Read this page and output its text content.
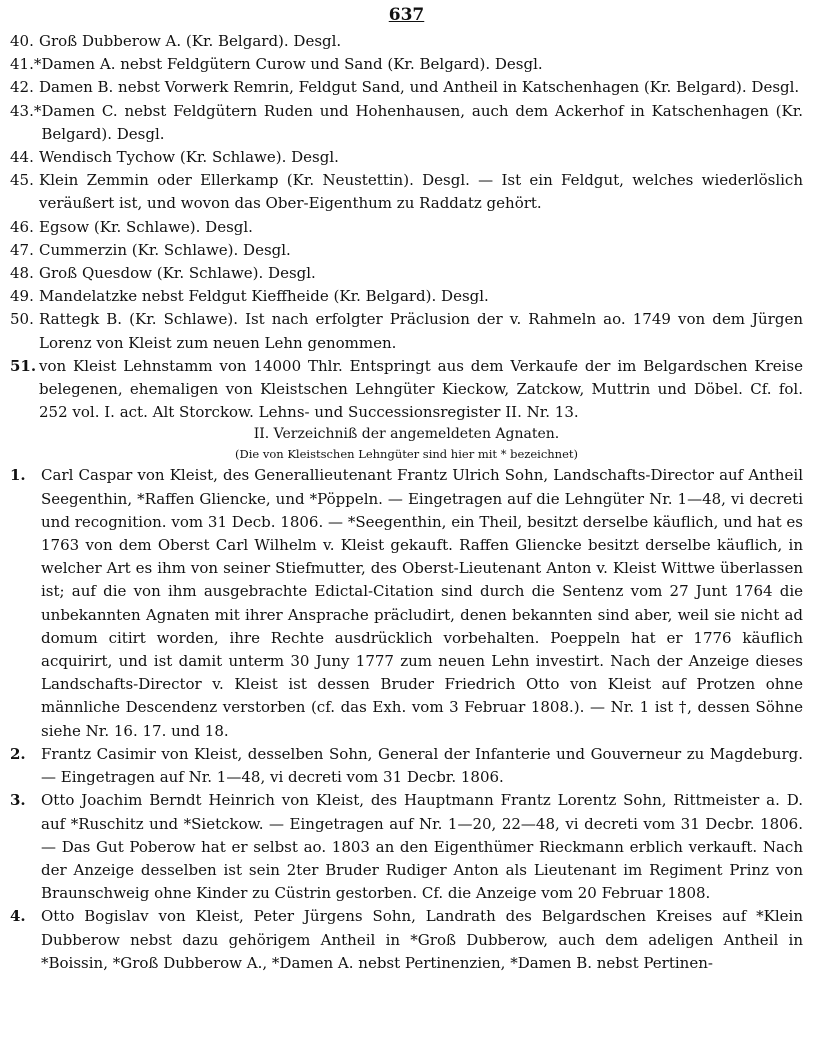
637
40. Groß Dubberow A. (Kr. Belgard). Desgl.
41.* Damen A. nebst Feldgütern Curow und Sand (Kr. Belgard). Desgl.
42. Damen B. nebst Vorwerk Remrin, Feldgut Sand, und Antheil in Katschenhagen (Kr. Belgard). Desgl.
43.* Damen C. nebst Feldgütern Ruden und Hohenhausen, auch dem Ackerhof in Katschenhagen (Kr. Belgard). Desgl.
44. Wendisch Tychow (Kr. Schlawe). Desgl.
45. Klein Zemmin oder Ellerkamp (Kr. Neustettin). Desgl. — Ist ein Feldgut, welches wiederlöslich veräußert ist, und wovon das Ober-Eigenthum zu Raddatz gehört.
46. Egsow (Kr. Schlawe). Desgl.
47. Cummerzin (Kr. Schlawe). Desgl.
48. Groß Quesdow (Kr. Schlawe). Desgl.
49. Mandelatzke nebst Feldgut Kieffheide (Kr. Belgard). Desgl.
50. Rattegk B. (Kr. Schlawe). Ist nach erfolgter Präclusion der v. Rahmeln ao. 1749 von dem Jürgen Lorenz von Kleist zum neuen Lehn genommen.
51. von Kleist Lehnstamm von 14000 Thlr. Entspringt aus dem Verkaufe der im Belgardschen Kreise belegenen, ehemaligen von Kleistschen Lehngüter Kieckow, Zatckow, Muttrin und Döbel. Cf. fol. 252 vol. I. act. Alt Storckow. Lehns- und Successionsregister II. Nr. 13.
II. Verzeichniß der angemeldeten Agnaten.
(Die von Kleistschen Lehngüter sind hier mit * bezeichnet)
1.	Carl Caspar von Kleist, des Generallieutenant Frantz Ulrich Sohn, Landschafts-Director auf Antheil Seegenthin, *Raffen Gliencke, und *Pöppeln. — Eingetragen auf die Lehngüter Nr. 1—48, vi decreti und recognition. vom 31 Decb. 1806. — *Seegenthin, ein Theil, besitzt derselbe käuflich, und hat es 1763 von dem Oberst Carl Wilhelm v. Kleist gekauft. Raffen Gliencke besitzt derselbe käuflich, in welcher Art es ihm von seiner Stiefmutter, des Oberst-Lieutenant Anton v. Kleist Wittwe überlassen ist; auf die von ihm ausgebrachte Edictal-Citation sind durch die Sentenz vom 27 Junt 1764 die unbekannten Agnaten mit ihrer Ansprache präcludirt, denen bekannten sind aber, weil sie nicht ad domum citirt worden, ihre Rechte ausdrücklich vorbehalten. Poeppeln hat er 1776 käuflich acquirirt, und ist damit unterm 30 Juny 1777 zum neuen Lehn investirt. Nach der Anzeige dieses Landschafts-Director v. Kleist ist dessen Bruder Friedrich Otto von Kleist auf Protzen ohne männliche Descendenz verstorben (cf. das Exh. vom 3 Februar 1808.). — Nr. 1 ist †, dessen Söhne siehe Nr. 16. 17. und 18.
2.	Frantz Casimir von Kleist, desselben Sohn, General der Infanterie und Gouverneur zu Magdeburg. — Eingetragen auf Nr. 1—48, vi decreti vom 31 Decbr. 1806.
3.	Otto Joachim Berndt Heinrich von Kleist, des Hauptmann Frantz Lorentz Sohn, Rittmeister a. D. auf *Ruschitz und *Sietckow. — Eingetragen auf Nr. 1—20, 22—48, vi decreti vom 31 Decbr. 1806. — Das Gut Poberow hat er selbst ao. 1803 an den Eigenthümer Rieckmann erblich verkauft. Nach der Anzeige desselben ist sein 2ter Bruder Rudiger Anton als Lieutenant im Regiment Prinz von Braunschweig ohne Kinder zu Cüstrin gestorben. Cf. die Anzeige vom 20 Februar 1808.
4.	Otto Bogislav von Kleist, Peter Jürgens Sohn, Landrath des Belgardschen Kreises auf *Klein Dubberow nebst dazu gehörigem Antheil in *Groß Dubberow, auch dem adeligen Antheil in *Boissin, *Groß Dubberow A., *Damen A. nebst Pertinenzien, *Damen B. nebst Pertinen-
